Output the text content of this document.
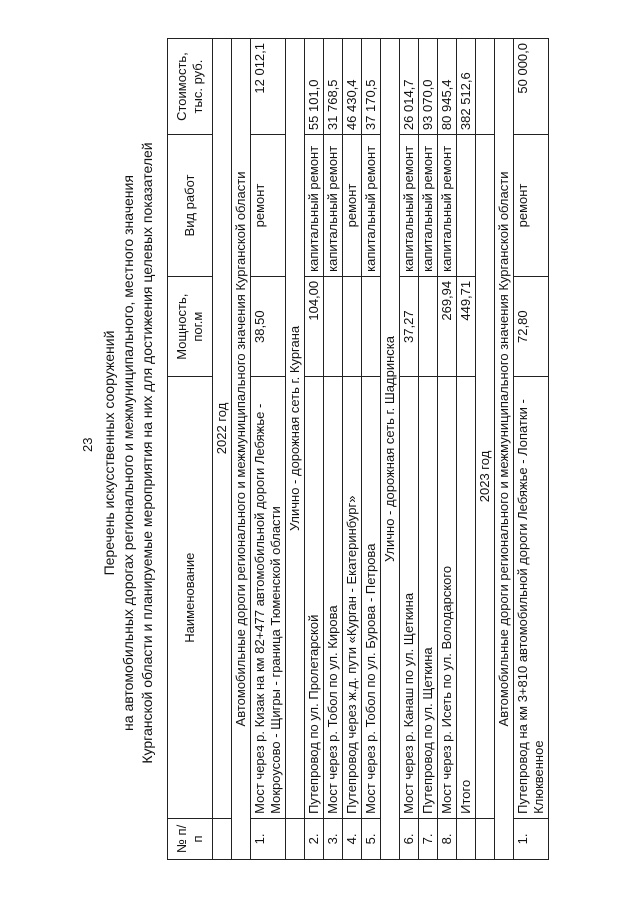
23 Перечень искусственных сооружений на автомобильных дорогах регионального и межмуниципального, местного значения Курганской области и планируемые мероприятия на них для достижения целевых показателей
№ п/п	Наименование	Мощность, пог.м	Вид работ	Стоимость, тыс. руб.
	2022 год			
Автомобильные дороги регионального и межмуниципального значения Курганской области				
1.	Мост через р. Кизак на км 82+477 автомобильной дороги Лебяжье - Мокроусово - Щигры - граница Тюменской области	38,50	ремонт	12 012,1
	Улично - дорожная сеть г. Кургана			
2.	Путепровод по ул. Пролетарской	104,00	капитальный ремонт	55 101,0
3.	Мост через р. Тобол по ул. Кирова		капитальный ремонт	31 768,5
4.	Путепровод через ж.д. пути «Курган - Екатеринбург»		ремонт	46 430,4
5.	Мост через р. Тобол по ул. Бурова - Петрова		капитальный ремонт	37 170,5
Улично - дорожная сеть г. Шадринска				
6.	Мост через р. Канаш по ул. Щеткина	37,27	капитальный ремонт	26 014,7
7.	Путепровод по ул. Щеткина		капитальный ремонт	93 070,0
8.	Мост через р. Исеть по ул. Володарского	269,94	капитальный ремонт	80 945,4
	Итого	449,71		382 512,6
	2023 год			
Автомобильные дороги регионального и межмуниципального значения Курганской области				
1.	Путепровод на км 3+810 автомобильной дороги Лебяжье - Лопатки - Клюквенное	72,80	ремонт	50 000,0
